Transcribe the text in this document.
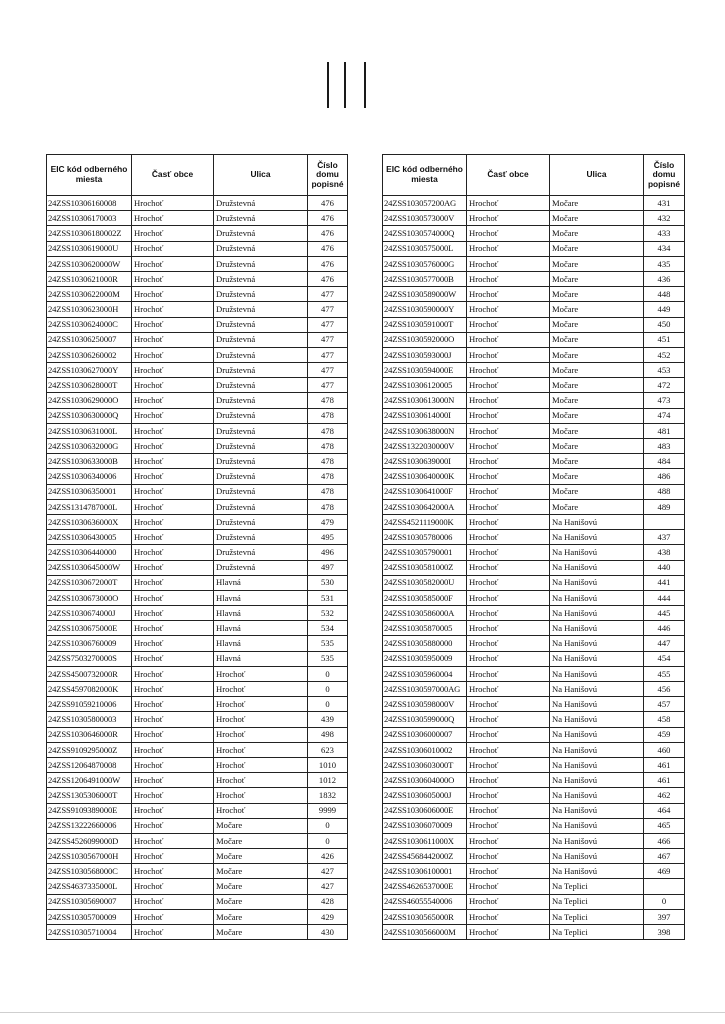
EIC kód odberného miesta	Časť obce	Ulica	Číslo domu popisné
24ZSS10306160008	Hrochoť	Družstevná	476
24ZSS10306170003	Hrochoť	Družstevná	476
24ZSS10306180002Z	Hrochoť	Družstevná	476
24ZSS1030619000U	Hrochoť	Družstevná	476
24ZSS1030620000W	Hrochoť	Družstevná	476
24ZSS1030621000R	Hrochoť	Družstevná	476
24ZSS1030622000M	Hrochoť	Družstevná	477
24ZSS1030623000H	Hrochoť	Družstevná	477
24ZSS1030624000C	Hrochoť	Družstevná	477
24ZSS10306250007	Hrochoť	Družstevná	477
24ZSS10306260002	Hrochoť	Družstevná	477
24ZSS1030627000Y	Hrochoť	Družstevná	477
24ZSS1030628000T	Hrochoť	Družstevná	477
24ZSS1030629000O	Hrochoť	Družstevná	478
24ZSS1030630000Q	Hrochoť	Družstevná	478
24ZSS1030631000L	Hrochoť	Družstevná	478
24ZSS1030632000G	Hrochoť	Družstevná	478
24ZSS1030633000B	Hrochoť	Družstevná	478
24ZSS10306340006	Hrochoť	Družstevná	478
24ZSS10306350001	Hrochoť	Družstevná	478
24ZSS1314787000L	Hrochoť	Družstevná	478
24ZSS1030636000X	Hrochoť	Družstevná	479
24ZSS10306430005	Hrochoť	Družstevná	495
24ZSS10306440000	Hrochoť	Družstevná	496
24ZSS1030645000W	Hrochoť	Družstevná	497
24ZSS1030672000T	Hrochoť	Hlavná	530
24ZSS1030673000O	Hrochoť	Hlavná	531
24ZSS1030674000J	Hrochoť	Hlavná	532
24ZSS1030675000E	Hrochoť	Hlavná	534
24ZSS10306760009	Hrochoť	Hlavná	535
24ZSS7503270000S	Hrochoť	Hlavná	535
24ZSS4500732000R	Hrochoť	Hrochoť	0
24ZSS4597082000K	Hrochoť	Hrochoť	0
24ZSS91059210006	Hrochoť	Hrochoť	0
24ZSS10305800003	Hrochoť	Hrochoť	439
24ZSS1030646000R	Hrochoť	Hrochoť	498
24ZSS9109295000Z	Hrochoť	Hrochoť	623
24ZSS12064870008	Hrochoť	Hrochoť	1010
24ZSS1206491000W	Hrochoť	Hrochoť	1012
24ZSS1305306000T	Hrochoť	Hrochoť	1832
24ZSS9109389000E	Hrochoť	Hrochoť	9999
24ZSS13222660006	Hrochoť	Močare	0
24ZSS4526099000D	Hrochoť	Močare	0
24ZSS1030567000H	Hrochoť	Močare	426
24ZSS1030568000C	Hrochoť	Močare	427
24ZSS4637335000L	Hrochoť	Močare	427
24ZSS10305690007	Hrochoť	Močare	428
24ZSS10305700009	Hrochoť	Močare	429
24ZSS10305710004	Hrochoť	Močare	430
EIC kód odberného miesta	Časť obce	Ulica	Číslo domu popisné
24ZSS103057200AG	Hrochoť	Močare	431
24ZSS1030573000V	Hrochoť	Močare	432
24ZSS1030574000Q	Hrochoť	Močare	433
24ZSS1030575000L	Hrochoť	Močare	434
24ZSS1030576000G	Hrochoť	Močare	435
24ZSS1030577000B	Hrochoť	Močare	436
24ZSS1030589000W	Hrochoť	Močare	448
24ZSS1030590000Y	Hrochoť	Močare	449
24ZSS1030591000T	Hrochoť	Močare	450
24ZSS1030592000O	Hrochoť	Močare	451
24ZSS1030593000J	Hrochoť	Močare	452
24ZSS1030594000E	Hrochoť	Močare	453
24ZSS10306120005	Hrochoť	Močare	472
24ZSS1030613000N	Hrochoť	Močare	473
24ZSS1030614000I	Hrochoť	Močare	474
24ZSS1030638000N	Hrochoť	Močare	481
24ZSS1322030000V	Hrochoť	Močare	483
24ZSS1030639000I	Hrochoť	Močare	484
24ZSS1030640000K	Hrochoť	Močare	486
24ZSS1030641000F	Hrochoť	Močare	488
24ZSS1030642000A	Hrochoť	Močare	489
24ZSS4521119000K	Hrochoť	Na Hanišovú	
24ZSS10305780006	Hrochoť	Na Hanišovú	437
24ZSS10305790001	Hrochoť	Na Hanišovú	438
24ZSS1030581000Z	Hrochoť	Na Hanišovú	440
24ZSS1030582000U	Hrochoť	Na Hanišovú	441
24ZSS1030585000F	Hrochoť	Na Hanišovú	444
24ZSS1030586000A	Hrochoť	Na Hanišovú	445
24ZSS10305870005	Hrochoť	Na Hanišovú	446
24ZSS10305880000	Hrochoť	Na Hanišovú	447
24ZSS10305950009	Hrochoť	Na Hanišovú	454
24ZSS10305960004	Hrochoť	Na Hanišovú	455
24ZSS1030597000AG	Hrochoť	Na Hanišovú	456
24ZSS1030598000V	Hrochoť	Na Hanišovú	457
24ZSS1030599000Q	Hrochoť	Na Hanišovú	458
24ZSS10306000007	Hrochoť	Na Hanišovú	459
24ZSS10306010002	Hrochoť	Na Hanišovú	460
24ZSS1030603000T	Hrochoť	Na Hanišovú	461
24ZSS1030604000O	Hrochoť	Na Hanišovú	461
24ZSS1030605000J	Hrochoť	Na Hanišovú	462
24ZSS1030606000E	Hrochoť	Na Hanišovú	464
24ZSS10306070009	Hrochoť	Na Hanišovú	465
24ZSS1030611000X	Hrochoť	Na Hanišovú	466
24ZSS4568442000Z	Hrochoť	Na Hanišovú	467
24ZSS10306100001	Hrochoť	Na Hanišovú	469
24ZSS4626537000E	Hrochoť	Na Teplici	
24ZSS46055540006	Hrochoť	Na Teplici	0
24ZSS1030565000R	Hrochoť	Na Teplici	397
24ZSS1030566000M	Hrochoť	Na Teplici	398
